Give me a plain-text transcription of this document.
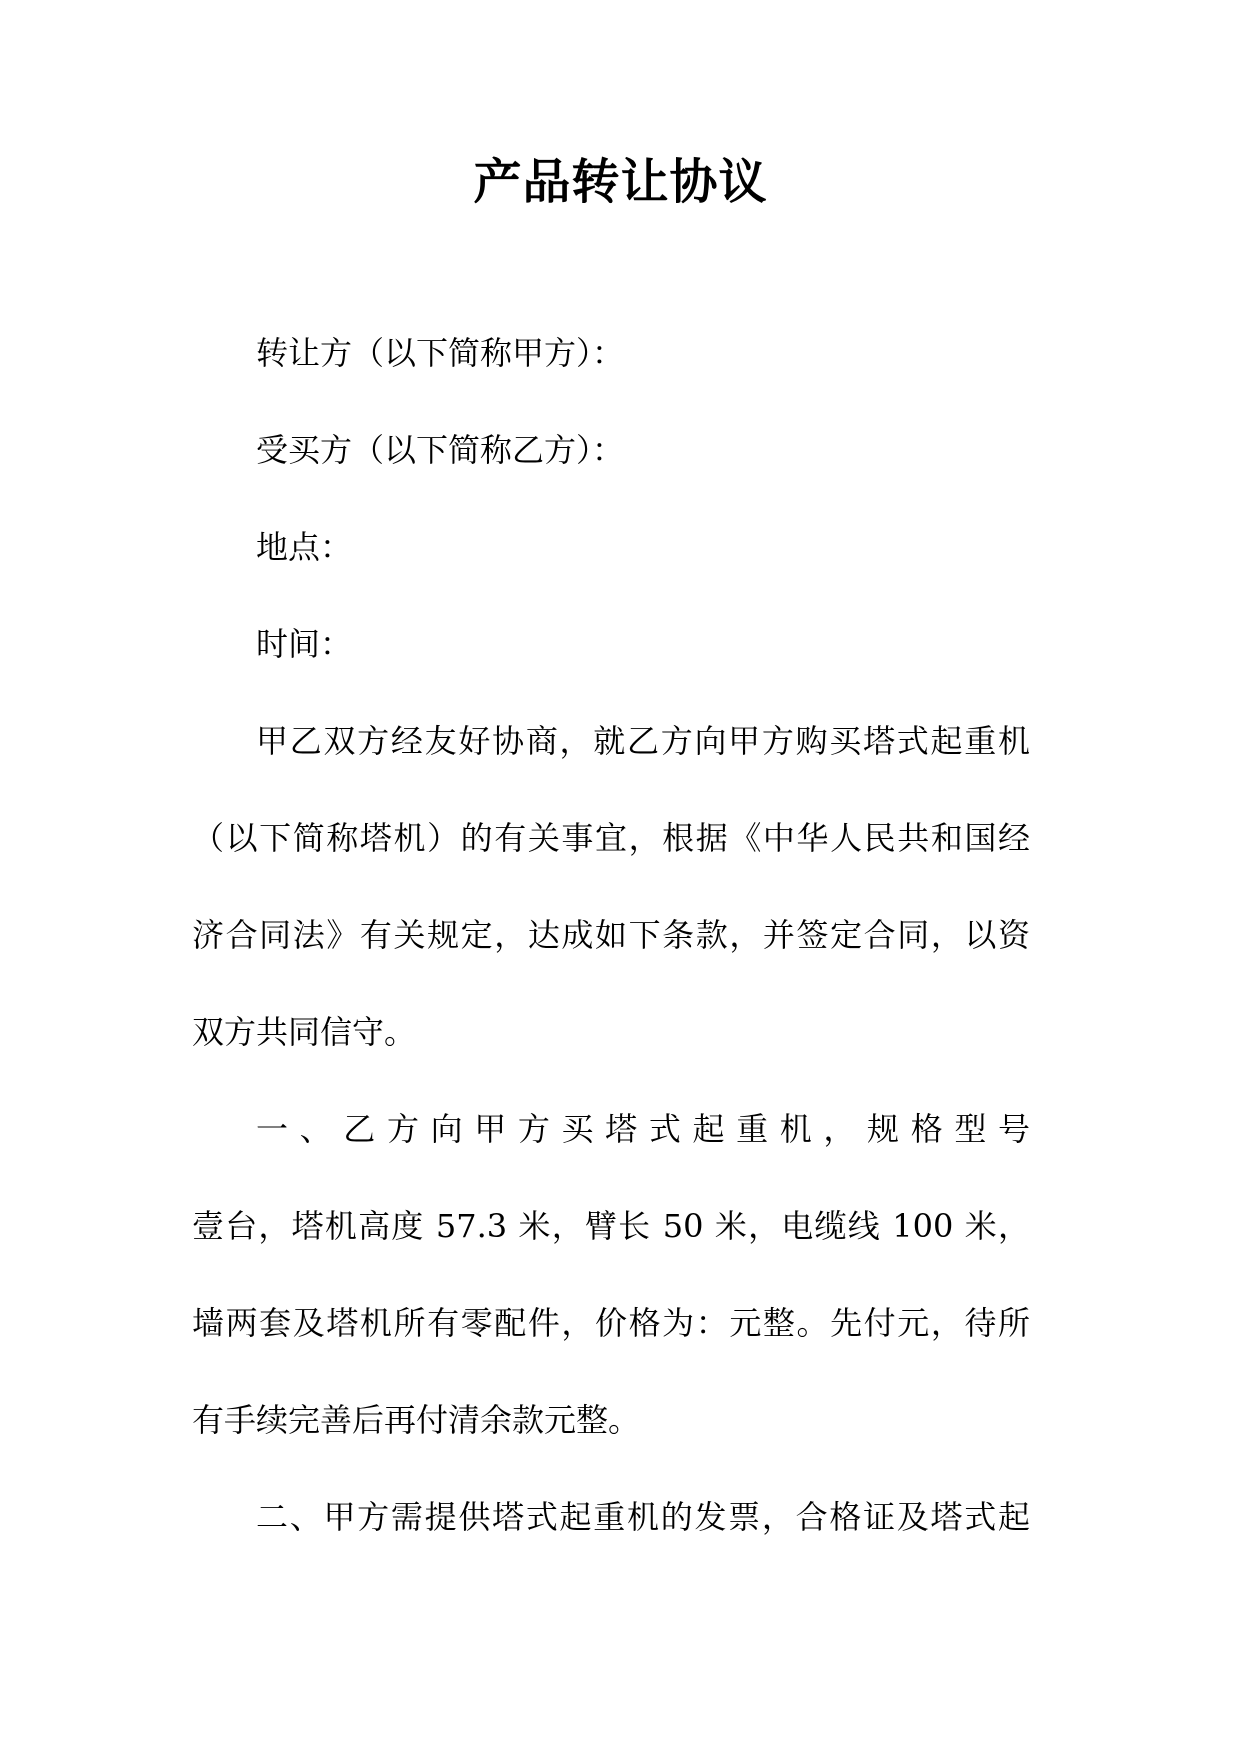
产品转让协议
转让方（以下简称甲方）：
受买方（以下简称乙方）：
地点：
时间：
甲乙双方经友好协商，就乙方向甲方购买塔式起重机
（以下简称塔机）的有关事宜，根据《中华人民共和国经
济合同法》有关规定，达成如下条款，并签定合同，以资
双方共同信守。
一、乙方向甲方买塔式起重机，规格型号
壹台，塔机高度 57.3 米，臂长 50 米，电缆线 100 米，
墙两套及塔机所有零配件，价格为：元整。先付元，待所
有手续完善后再付清余款元整。
二、甲方需提供塔式起重机的发票，合格证及塔式起
